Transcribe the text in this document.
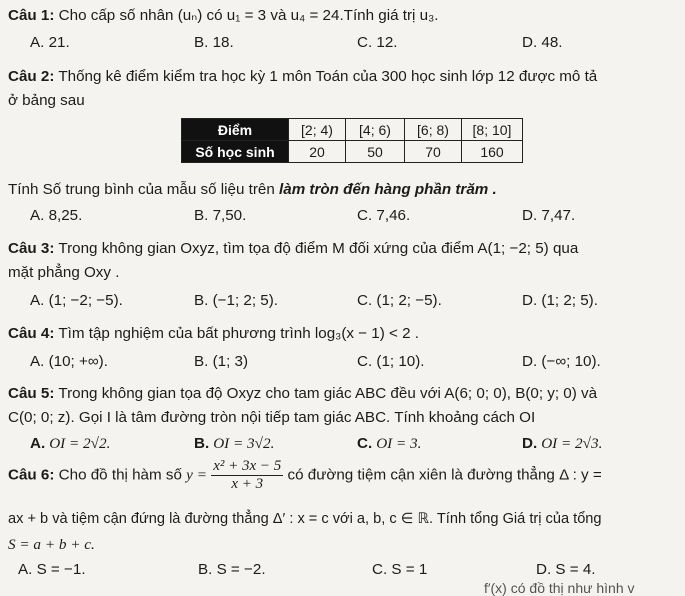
Câu 1: Cho cấp số nhân (uₙ) có u₁ = 3 và u₄ = 24.Tính giá trị u₃.
A. 21.	B. 18.	C. 12.	D. 48.
Câu 2: Thống kê điểm kiểm tra học kỳ 1 môn Toán của 300 học sinh lớp 12 được mô tả
ở bảng sau
Điểm	[2; 4)	[4; 6)	[6; 8)	[8; 10]
Số học sinh	20	50	70	160
Tính Số trung bình của mẫu số liệu trên làm tròn đến hàng phần trăm .
A. 8,25.	B. 7,50.	C. 7,46.	D. 7,47.
Câu 3: Trong không gian Oxyz, tìm tọa độ điểm M đối xứng của điểm A(1; −2; 5) qua
mặt phẳng Oxy .
A. (1; −2; −5).	B. (−1; 2; 5).	C. (1; 2; −5).	D. (1; 2; 5).
Câu 4: Tìm tập nghiệm của bất phương trình log₃(x − 1) < 2 .
A. (10; +∞).	B. (1; 3)	C. (1; 10).	D. (−∞; 10).
Câu 5: Trong không gian tọa độ Oxyz cho tam giác ABC đều với A(6; 0; 0), B(0; y; 0) và
C(0; 0; z). Gọi I là tâm đường tròn nội tiếp tam giác ABC. Tính khoảng cách OI
A. OI = 2√2.	B. OI = 3√2.	C. OI = 3.	D. OI = 2√3.
Câu 6: Cho đồ thị hàm số $y = \frac{\text{x² + 3x − 5}}{x + 3}$ có đường tiệm cận xiên là đường thẳng Δ : y =
ax + b và tiệm cận đứng là đường thẳng Δ′ : x = c với a, b, c ∈ ℝ. Tính tổng Giá trị của tổng
S = a + b + c.
A. S = −1.	B. S = −2.	C. S = 1	D. S = 4.
f′(x) có đồ thị như hình v
